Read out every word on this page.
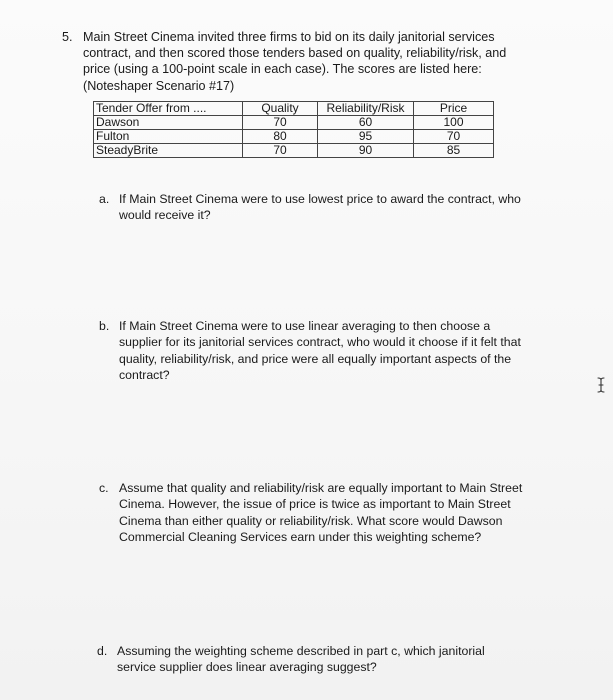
5. Main Street Cinema invited three firms to bid on its daily janitorial services
contract, and then scored those tenders based on quality, reliability/risk, and
price (using a 100-point scale in each case). The scores are listed here:
(Noteshaper Scenario #17)
Tender Offer from ....	Quality	Reliability/Risk	Price
Dawson	70	60	100
Fulton	80	95	70
SteadyBrite	70	90	85
a. If Main Street Cinema were to use lowest price to award the contract, who
would receive it?
b. If Main Street Cinema were to use linear averaging to then choose a
supplier for its janitorial services contract, who would it choose if it felt that
quality, reliability/risk, and price were all equally important aspects of the
contract?
c. Assume that quality and reliability/risk are equally important to Main Street
Cinema. However, the issue of price is twice as important to Main Street
Cinema than either quality or reliability/risk. What score would Dawson
Commercial Cleaning Services earn under this weighting scheme?
d. Assuming the weighting scheme described in part c, which janitorial
service supplier does linear averaging suggest?
